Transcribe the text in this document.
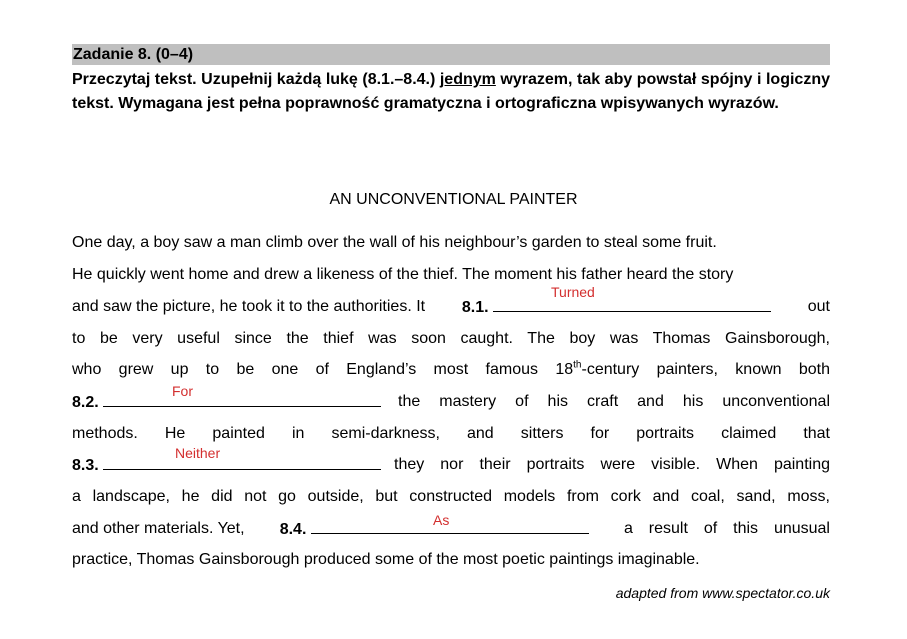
Zadanie 8. (0–4)
Przeczytaj tekst. Uzupełnij każdą lukę (8.1.–8.4.) jednym wyrazem, tak aby powstał spójny i logiczny tekst. Wymagana jest pełna poprawność gramatyczna i ortograficzna wpisywanych wyrazów.
AN UNCONVENTIONAL PAINTER
One day, a boy saw a man climb over the wall of his neighbour’s garden to steal some fruit.
He quickly went home and drew a likeness of the thief. The moment his father heard the story
and saw the picture, he took it to the authorities. It 8.1.	out
Turned
to be very useful since the thief was soon caught. The boy was Thomas Gainsborough,
who grew up to be one of England’s most famous 18th-century painters, known both
8.2.	the mastery of his craft and his unconventional
For
methods. He painted in semi-darkness, and sitters for portraits claimed that
8.3.	they nor their portraits were visible. When painting
Neither
a landscape, he did not go outside, but constructed models from cork and coal, sand, moss,
and other materials. Yet, 8.4.	a result of this unusual
As
practice, Thomas Gainsborough produced some of the most poetic paintings imaginable.
adapted from www.spectator.co.uk
